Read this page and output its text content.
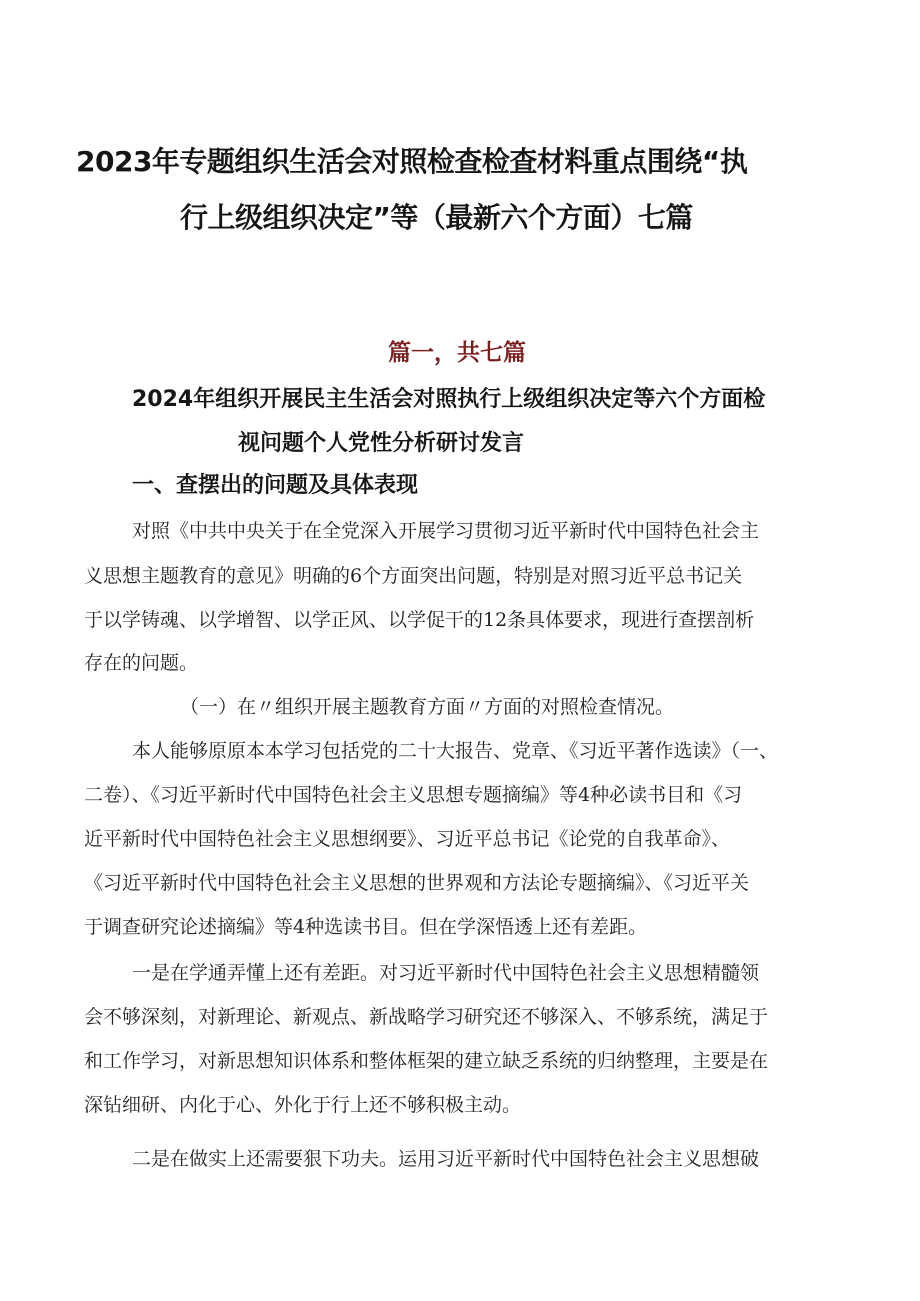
2023年专题组织生活会对照检查检查材料重点围绕“执
行上级组织决定”等（最新六个方面）七篇
篇一，共七篇
2024年组织开展民主生活会对照执行上级组织决定等六个方面检
视问题个人党性分析研讨发言
一、查摆出的问题及具体表现
对照《中共中央关于在全党深入开展学习贯彻习近平新时代中国特色社会主
义思想主题教育的意见》明确的6个方面突出问题，特别是对照习近平总书记关
于以学铸魂、以学增智、以学正风、以学促干的12条具体要求，现进行查摆剖析
存在的问题。
（一）在〃组织开展主题教育方面〃方面的对照检查情况。
本人能够原原本本学习包括党的二十大报告、党章、《习近平著作选读》（一、
二卷）、《习近平新时代中国特色社会主义思想专题摘编》等4种必读书目和《习
近平新时代中国特色社会主义思想纲要》、习近平总书记《论党的自我革命》、
《习近平新时代中国特色社会主义思想的世界观和方法论专题摘编》、《习近平关
于调查研究论述摘编》等4种选读书目。但在学深悟透上还有差距。
一是在学通弄懂上还有差距。对习近平新时代中国特色社会主义思想精髓领
会不够深刻，对新理论、新观点、新战略学习研究还不够深入、不够系统，满足于
和工作学习，对新思想知识体系和整体框架的建立缺乏系统的归纳整理，主要是在
深钻细研、内化于心、外化于行上还不够积极主动。
二是在做实上还需要狠下功夫。运用习近平新时代中国特色社会主义思想破
